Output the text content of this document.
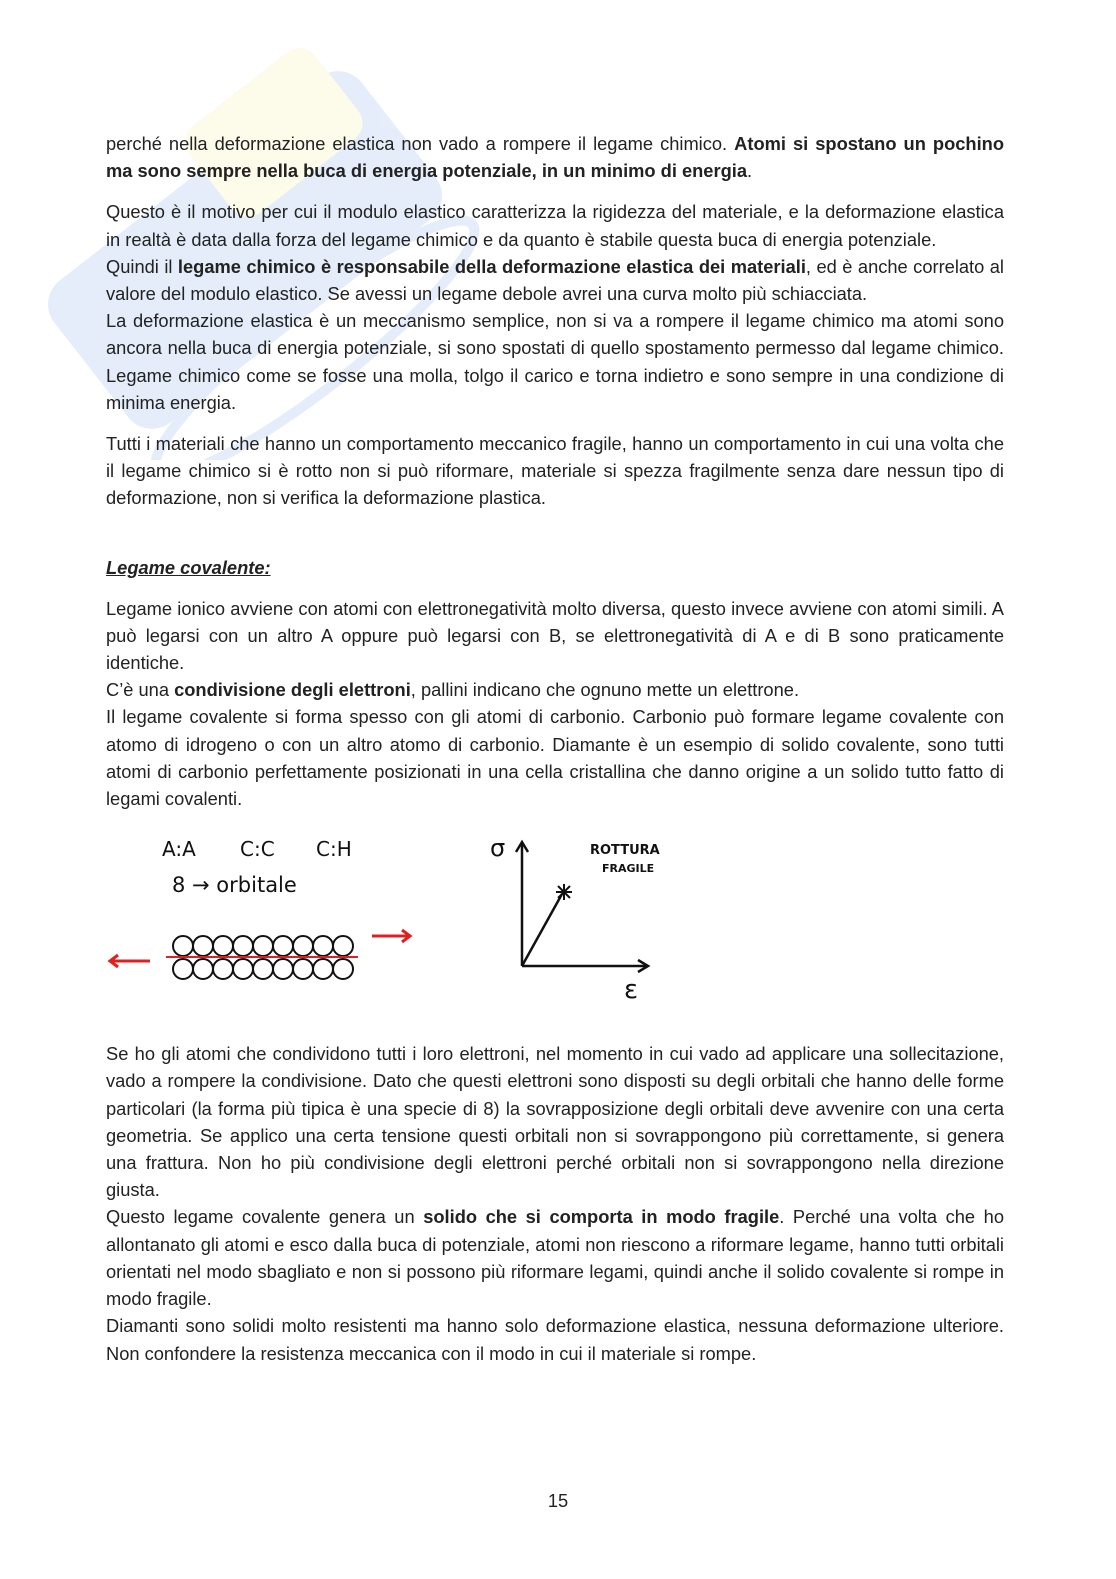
perché nella deformazione elastica non vado a rompere il legame chimico. Atomi si spostano un pochino ma sono sempre nella buca di energia potenziale, in un minimo di energia.

Questo è il motivo per cui il modulo elastico caratterizza la rigidezza del materiale, e la deformazione elastica in realtà è data dalla forza del legame chimico e da quanto è stabile questa buca di energia potenziale.

Quindi il legame chimico è responsabile della deformazione elastica dei materiali, ed è anche correlato al valore del modulo elastico. Se avessi un legame debole avrei una curva molto più schiacciata.

La deformazione elastica è un meccanismo semplice, non si va a rompere il legame chimico ma atomi sono ancora nella buca di energia potenziale, si sono spostati di quello spostamento permesso dal legame chimico. Legame chimico come se fosse una molla, tolgo il carico e torna indietro e sono sempre in una condizione di minima energia.

Tutti i materiali che hanno un comportamento meccanico fragile, hanno un comportamento in cui una volta che il legame chimico si è rotto non si può riformare, materiale si spezza fragilmente senza dare nessun tipo di deformazione, non si verifica la deformazione plastica.

Legame covalente:

Legame ionico avviene con atomi con elettronegatività molto diversa, questo invece avviene con atomi simili. A può legarsi con un altro A oppure può legarsi con B, se elettronegatività di A e di B sono praticamente identiche.

C’è una condivisione degli elettroni, pallini indicano che ognuno mette un elettrone.

Il legame covalente si forma spesso con gli atomi di carbonio. Carbonio può formare legame covalente con atomo di idrogeno o con un altro atomo di carbonio. Diamante è un esempio di solido covalente, sono tutti atomi di carbonio perfettamente posizionati in una cella cristallina che danno origine a un solido tutto fatto di legami covalenti.

A:A C:C C:H
8 → orbitale
σ
ε
ROTTURA
FRAGILE

Se ho gli atomi che condividono tutti i loro elettroni, nel momento in cui vado ad applicare una sollecitazione, vado a rompere la condivisione. Dato che questi elettroni sono disposti su degli orbitali che hanno delle forme particolari (la forma più tipica è una specie di 8) la sovrapposizione degli orbitali deve avvenire con una certa geometria. Se applico una certa tensione questi orbitali non si sovrappongono più correttamente, si genera una frattura. Non ho più condivisione degli elettroni perché orbitali non si sovrappongono nella direzione giusta.

Questo legame covalente genera un solido che si comporta in modo fragile. Perché una volta che ho allontanato gli atomi e esco dalla buca di potenziale, atomi non riescono a riformare legame, hanno tutti orbitali orientati nel modo sbagliato e non si possono più riformare legami, quindi anche il solido covalente si rompe in modo fragile.

Diamanti sono solidi molto resistenti ma hanno solo deformazione elastica, nessuna deformazione ulteriore. Non confondere la resistenza meccanica con il modo in cui il materiale si rompe.

15
